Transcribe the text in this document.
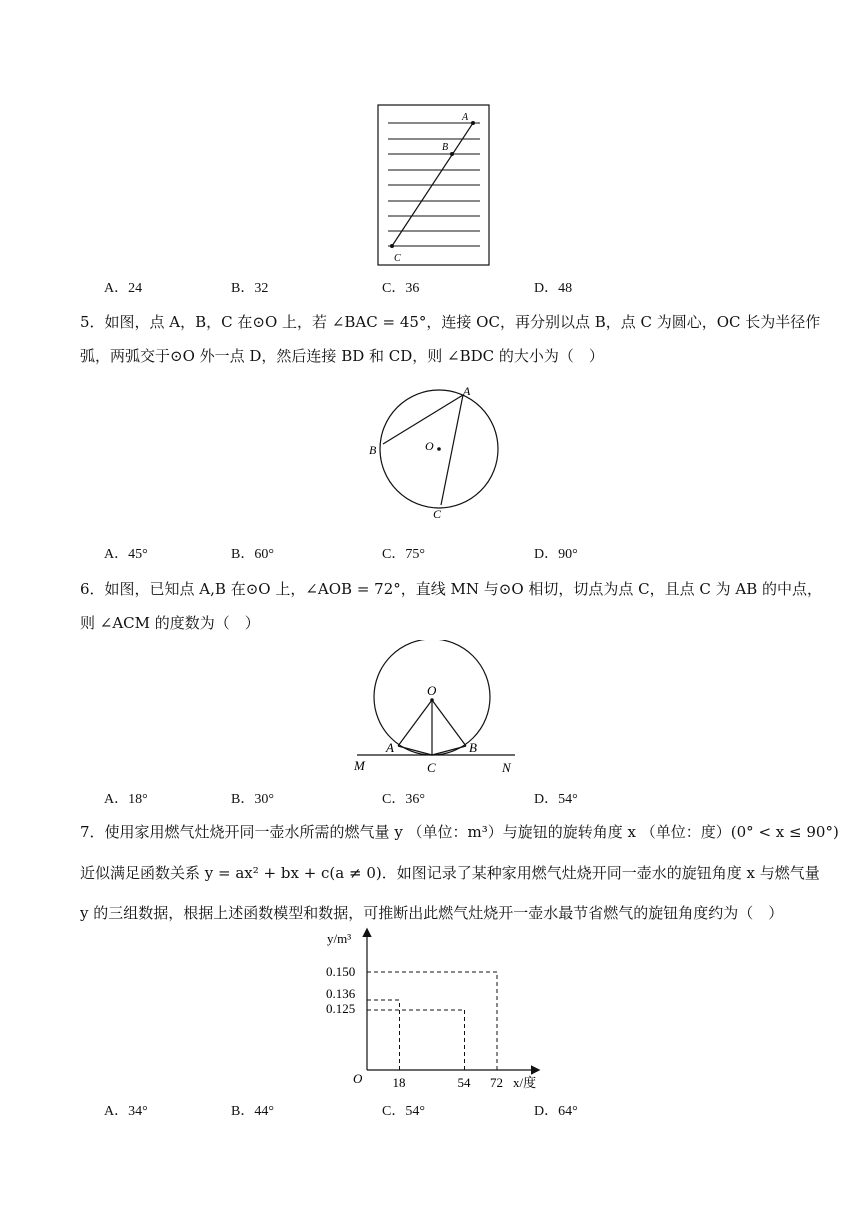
A
B
C
A．24	B．32	C．36	D．48
5．如图，点 A，B，C 在⊙O 上，若 ∠BAC = 45°，连接 OC，再分别以点 B，点 C 为圆心，OC 长为半径作
弧，两弧交于⊙O 外一点 D，然后连接 BD 和 CD，则 ∠BDC 的大小为（　）
A
B
C
O
A．45°	B．60°	C．75°	D．90°
6．如图，已知点 A,B 在⊙O 上，∠AOB = 72°，直线 MN 与⊙O 相切，切点为点 C，且点 C 为 AB 的中点，
则 ∠ACM 的度数为（　）
O
A	B
C
M	N
A．18°	B．30°	C．36°	D．54°
7．使用家用燃气灶烧开同一壶水所需的燃气量 y （单位：m³）与旋钮的旋转角度 x （单位：度）(0° < x ≤ 90°)
近似满足函数关系 y = ax² + bx + c(a ≠ 0)．如图记录了某种家用燃气灶烧开同一壶水的旋钮角度 x 与燃气量
y 的三组数据，根据上述函数模型和数据，可推断出此燃气灶烧开一壶水最节省燃气的旋钮角度约为（　）
y/m³
x/度
O
0.150
0.136
0.125
18	54 72
A．34°	B．44°	C．54°	D．64°
